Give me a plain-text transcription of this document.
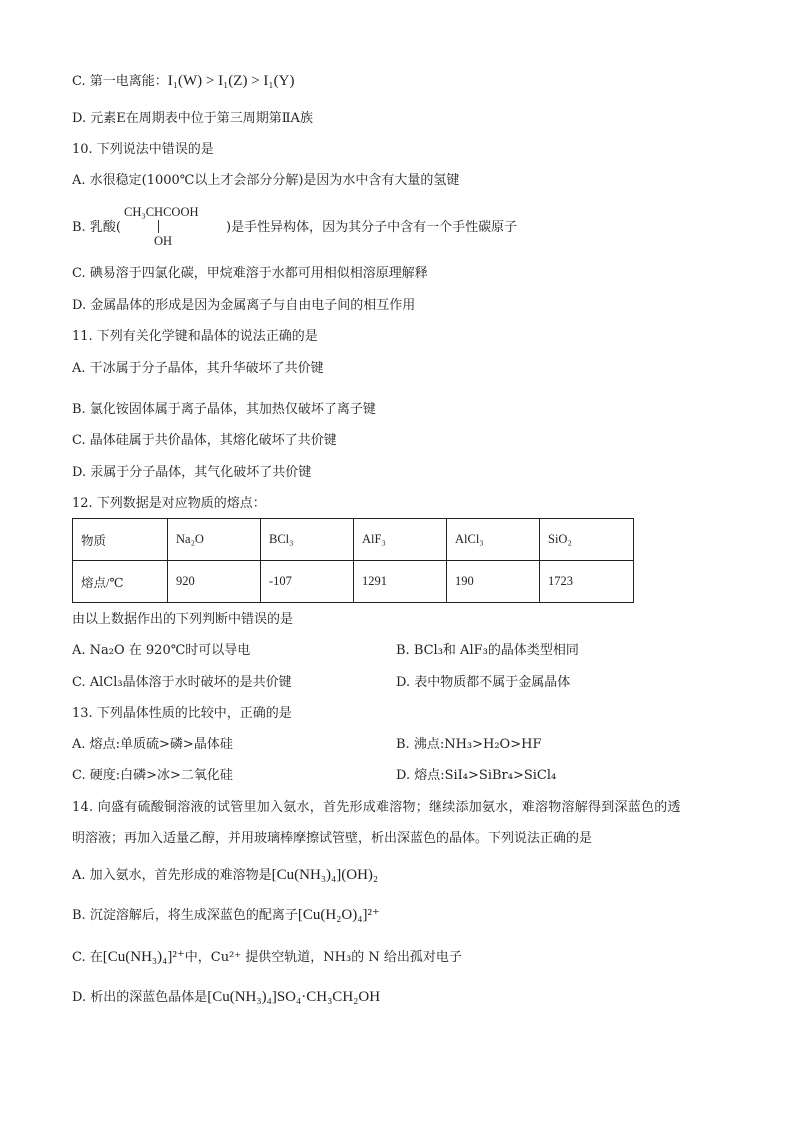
C. 第一电离能：I₁(W) > I₁(Z) > I₁(Y)
D. 元素E在周期表中位于第三周期第ⅡA族
10. 下列说法中错误的是
A. 水很稳定(1000℃以上才会部分分解)是因为水中含有大量的氢键
B. 乳酸(
CH₃CHCOOH
OH
)是手性异构体，因为其分子中含有一个手性碳原子
C. 碘易溶于四氯化碳，甲烷难溶于水都可用相似相溶原理解释
D. 金属晶体的形成是因为金属离子与自由电子间的相互作用
11. 下列有关化学键和晶体的说法正确的是
A. 干冰属于分子晶体，其升华破坏了共价键
B. 氯化铵固体属于离子晶体，其加热仅破坏了离子键
C. 晶体硅属于共价晶体，其熔化破坏了共价键
D. 汞属于分子晶体，其气化破坏了共价键
12. 下列数据是对应物质的熔点：
物质	Na₂O	BCl₃	AlF₃	AlCl₃	SiO₂
熔点/℃	920	-107	1291	190	1723
由以上数据作出的下列判断中错误的是
A. Na₂O 在 920℃时可以导电	B. BCl₃和 AlF₃的晶体类型相同
C. AlCl₃晶体溶于水时破坏的是共价键	D. 表中物质都不属于金属晶体
13. 下列晶体性质的比较中，正确的是
A. 熔点:单质硫>磷>晶体硅	B. 沸点:NH₃>H₂O>HF
C. 硬度:白磷>冰>二氧化硅	D. 熔点:SiI₄>SiBr₄>SiCl₄
14. 向盛有硫酸铜溶液的试管里加入氨水，首先形成难溶物；继续添加氨水，难溶物溶解得到深蓝色的透
明溶液；再加入适量乙醇，并用玻璃棒摩擦试管壁，析出深蓝色的晶体。下列说法正确的是
A. 加入氨水，首先形成的难溶物是[Cu(NH₃)₄](OH)₂
B. 沉淀溶解后，将生成深蓝色的配离子[Cu(H₂O)₄]²⁺
C. 在[Cu(NH₃)₄]²⁺中，Cu²⁺ 提供空轨道，NH₃的 N 给出孤对电子
D. 析出的深蓝色晶体是[Cu(NH₃)₄]SO₄·CH₃CH₂OH
